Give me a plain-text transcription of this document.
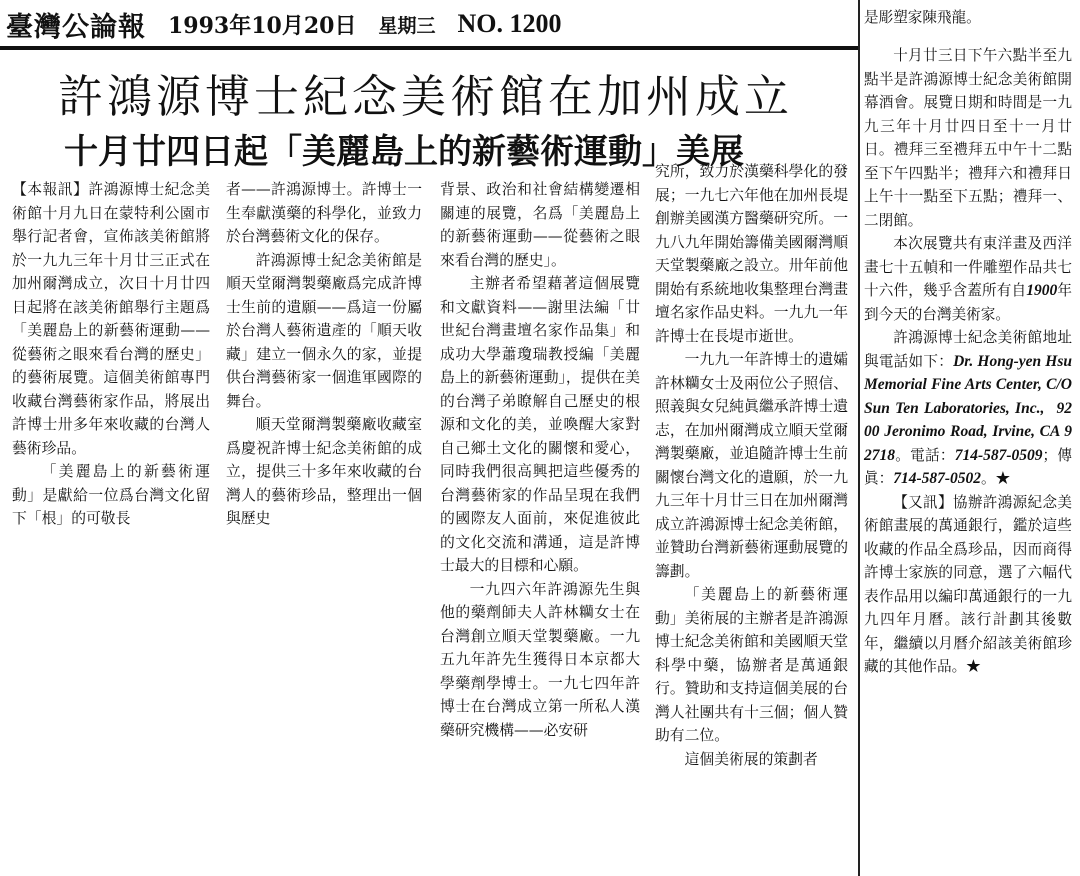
臺灣公論報 1993年10月20日 星期三 NO. 1200
許鴻源博士紀念美術館在加州成立
十月廿四日起「美麗島上的新藝術運動」美展

【本報訊】許鴻源博士紀念美術館十月九日在蒙特利公園市舉行記者會，宣佈該美術館將於一九九三年十月廿三正式在加州爾灣成立，次日十月廿四日起將在該美術館舉行主題爲「美麗島上的新藝術運動——從藝術之眼來看台灣的歷史」的藝術展覽。這個美術館專門收藏台灣藝術家作品，將展出許博士卅多年來收藏的台灣人藝術珍品。

「美麗島上的新藝術運動」是獻給一位爲台灣文化留下「根」的可敬長

者——許鴻源博士。許博士一生奉獻漢藥的科學化，並致力於台灣藝術文化的保存。

許鴻源博士紀念美術館是順天堂爾灣製藥廠爲完成許博士生前的遺願——爲這一份屬於台灣人藝術遺產的「順天收藏」建立一個永久的家，並提供台灣藝術家一個進軍國際的舞台。

順天堂爾灣製藥廠收藏室爲慶祝許博士紀念美術館的成立，提供三十多年來收藏的台灣人的藝術珍品，整理出一個與歷史

背景、政治和社會結構變遷相關連的展覽，名爲「美麗島上的新藝術運動——從藝術之眼來看台灣的歷史」。

主辦者希望藉著這個展覽和文獻資料——謝里法編「廿世紀台灣畫壇名家作品集」和成功大學蕭瓊瑞教授編「美麗島上的新藝術運動」，提供在美的台灣子弟瞭解自己歷史的根源和文化的美，並喚醒大家對自己鄉土文化的關懷和愛心，同時我們很高興把這些優秀的台灣藝術家的作品呈現在我們的國際友人面前，來促進彼此的文化交流和溝通，這是許博士最大的目標和心願。

一九四六年許鴻源先生與他的藥劑師夫人許林𥽼女士在台灣創立順天堂製藥廠。一九五九年許先生獲得日本京都大學藥劑學博士。一九七四年許博士在台灣成立第一所私人漢藥研究機構——必安研

究所，致力於漢藥科學化的發展；一九七六年他在加州長堤創辦美國漢方醫藥研究所。一九八九年開始籌備美國爾灣順天堂製藥廠之設立。卅年前他開始有系統地收集整理台灣畫壇名家作品史料。一九九一年許博士在長堤市逝世。

一九九一年許博士的遺孀許林𥽼女士及兩位公子照信、照義與女兒純眞繼承許博士遺志，在加州爾灣成立順天堂爾灣製藥廠，並追隨許博士生前關懷台灣文化的遺願，於一九九三年十月廿三日在加州爾灣成立許鴻源博士紀念美術館，並贊助台灣新藝術運動展覽的籌劃。

「美麗島上的新藝術運動」美術展的主辦者是許鴻源博士紀念美術館和美國順天堂科學中藥，協辦者是萬通銀行。贊助和支持這個美展的台灣人社團共有十三個；個人贊助有二位。

這個美術展的策劃者

是彫塑家陳飛龍。

十月廿三日下午六點半至九點半是許鴻源博士紀念美術館開幕酒會。展覽日期和時間是一九九三年十月廿四日至十一月廿日。禮拜三至禮拜五中午十二點至下午四點半；禮拜六和禮拜日上午十一點至下五點；禮拜一、二閉館。

本次展覽共有東洋畫及西洋畫七十五幀和一件雕塑作品共七十六件，幾乎含蓋所有自1900年到今天的台灣美術家。

許鴻源博士紀念美術館地址與電話如下：Dr. Hong-yen Hsu Memorial Fine Arts Center, C/O Sun Ten Laboratories, Inc., 9200 Jeronimo Road, Irvine, CA 92718。電話：714-587-0509；傳眞：714-587-0502。★

【又訊】協辦許鴻源紀念美術館畫展的萬通銀行，鑑於這些收藏的作品全爲珍品，因而商得許博士家族的同意，選了六幅代表作品用以編印萬通銀行的一九九四年月曆。該行計劃其後數年，繼續以月曆介紹該美術館珍藏的其他作品。★
